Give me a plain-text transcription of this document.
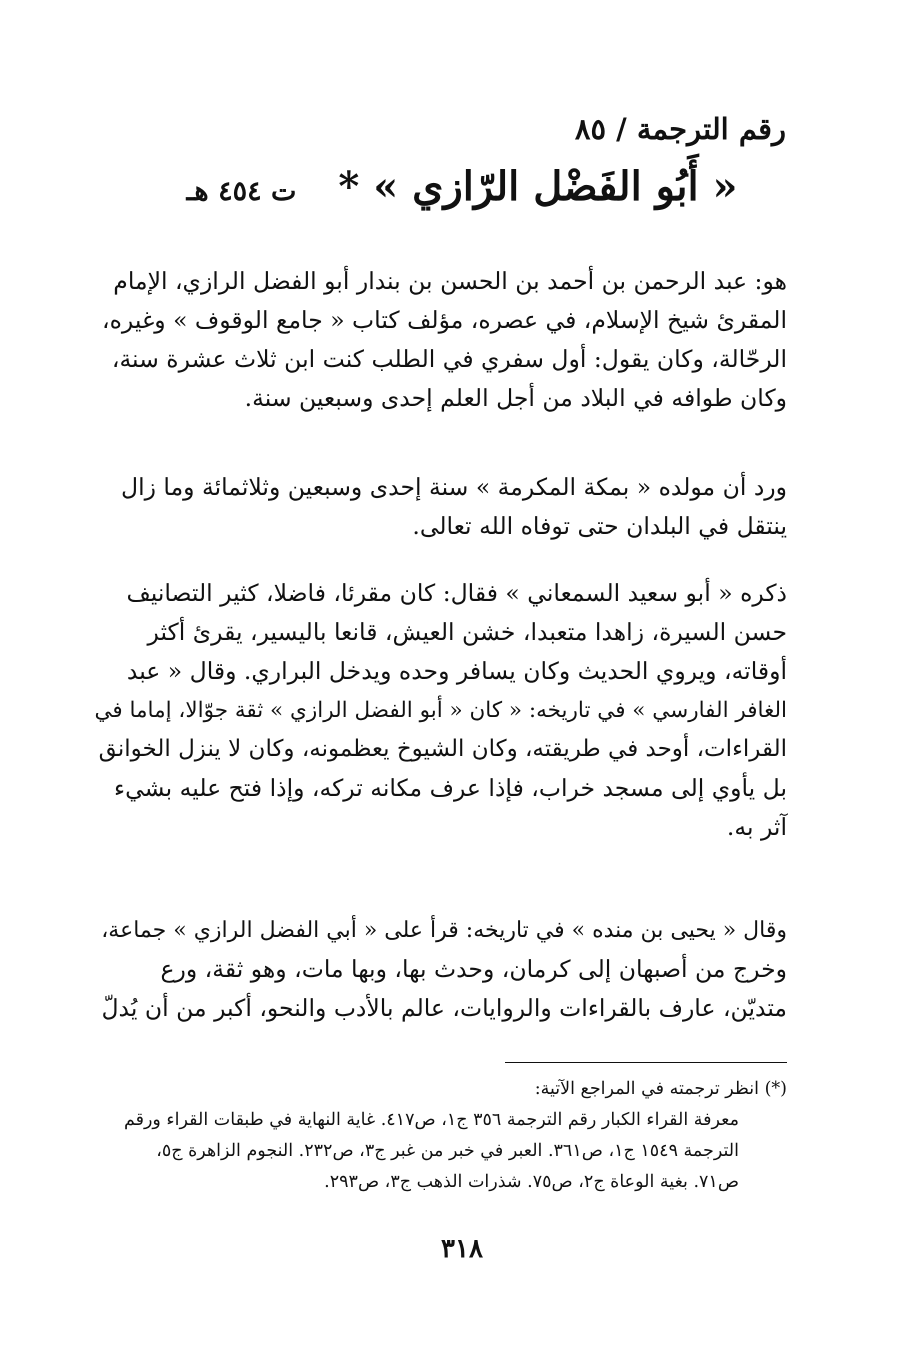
رقم الترجمة / ٨٥
« أَبُو الفَضْل الرّازي » *
ت ٤٥٤ هـ
هو: عبد الرحمن بن أحمد بن الحسن بن بندار أبو الفضل الرازي، الإمام
المقرئ شيخ الإسلام، في عصره، مؤلف كتاب « جامع الوقوف » وغيره،
الرحّالة، وكان يقول: أول سفري في الطلب كنت ابن ثلاث عشرة سنة،
وكان طوافه في البلاد من أجل العلم إحدى وسبعين سنة.
ورد أن مولده « بمكة المكرمة » سنة إحدى وسبعين وثلاثمائة وما زال
ينتقل في البلدان حتى توفاه الله تعالى.
ذكره « أبو سعيد السمعاني » فقال: كان مقرئا، فاضلا، كثير التصانيف
حسن السيرة، زاهدا متعبدا، خشن العيش، قانعا باليسير، يقرئ أكثر
أوقاته، ويروي الحديث وكان يسافر وحده ويدخل البراري. وقال « عبد
الغافر الفارسي » في تاريخه: « كان « أبو الفضل الرازي » ثقة جوّالا، إماما في
القراءات، أوحد في طريقته، وكان الشيوخ يعظمونه، وكان لا ينزل الخوانق
بل يأوي إلى مسجد خراب، فإذا عرف مكانه تركه، وإذا فتح عليه بشيء
آثر به.
وقال « يحيى بن منده » في تاريخه: قرأ على « أبي الفضل الرازي » جماعة،
وخرج من أصبهان إلى كرمان، وحدث بها، وبها مات، وهو ثقة، ورع
متديّن، عارف بالقراءات والروايات، عالم بالأدب والنحو، أكبر من أن يُدلّ
(*) انظر ترجمته في المراجع الآتية:
معرفة القراء الكبار رقم الترجمة ٣٥٦ ج١، ص٤١٧. غاية النهاية في طبقات القراء ورقم
الترجمة ١٥٤٩ ج١، ص٣٦١. العبر في خبر من غبر ج٣، ص٢٣٢. النجوم الزاهرة ج٥،
ص٧١. بغية الوعاة ج٢، ص٧٥. شذرات الذهب ج٣، ص٢٩٣.
٣١٨
